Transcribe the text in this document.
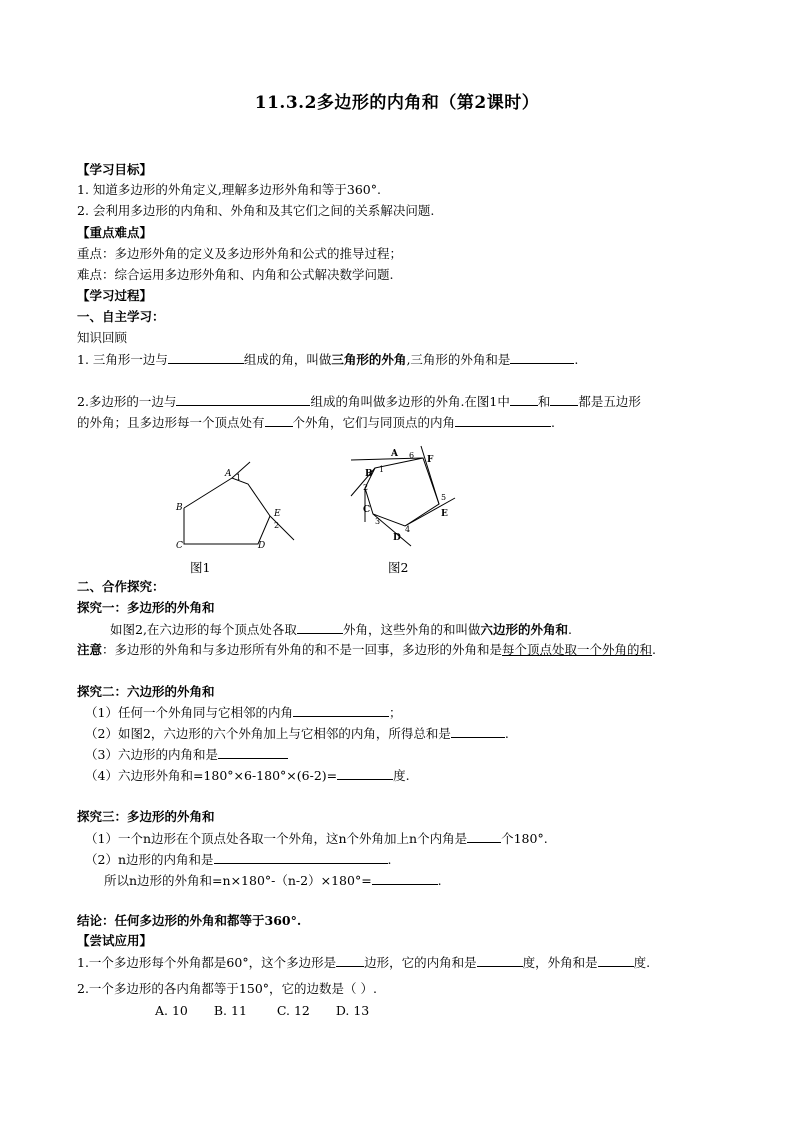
11.3.2多边形的内角和（第2课时）
【学习目标】
1. 知道多边形的外角定义,理解多边形外角和等于360°.
2. 会利用多边形的内角和、外角和及其它们之间的关系解决问题.
【重点难点】
重点：多边形外角的定义及多边形外角和公式的推导过程；
难点：综合运用多边形外角和、内角和公式解决数学问题.
【学习过程】
一、自主学习：
知识回顾
1. 三角形一边与	组成的角，叫做三角形的外角,三角形的外角和是	.
2.多边形的一边与	组成的角叫做多边形的外角.在图1中 和 都是五边形
的外角；且多边形每一个顶点处有 个外角，它们与同顶点的内角	.
A 1
B
C	D
E
2
图1
A 6 F
B 1
2
C
3
D
4
5
E
图2
二、合作探究：
探究一：多边形的外角和
如图2,在六边形的每个顶点处各取	外角，这些外角的和叫做六边形的外角和.
注意：多边形的外角和与多边形所有外角的和不是一回事，多边形的外角和是每个顶点处取一个外角的和.
探究二：六边形的外角和
（1）任何一个外角同与它相邻的内角	；
（2）如图2，六边形的六个外角加上与它相邻的内角，所得总和是	.
（3）六边形的内角和是
（4）六边形外角和=180°×6-180°×(6-2)=	度.
探究三：多边形的外角和
（1）一个n边形在个顶点处各取一个外角，这n个外角加上n个内角是	个180°.
（2）n边形的内角和是	.
所以n边形的外角和=n×180°-（n-2）×180°=	.
结论：任何多边形的外角和都等于360°.
【尝试应用】
1.一个多边形每个外角都是60°，这个多边形是 边形，它的内角和是	度，外角和是	度.
2.一个多边形的各内角都等于150°，它的边数是（ ）.
A. 10 B. 11 C. 12 D. 13
